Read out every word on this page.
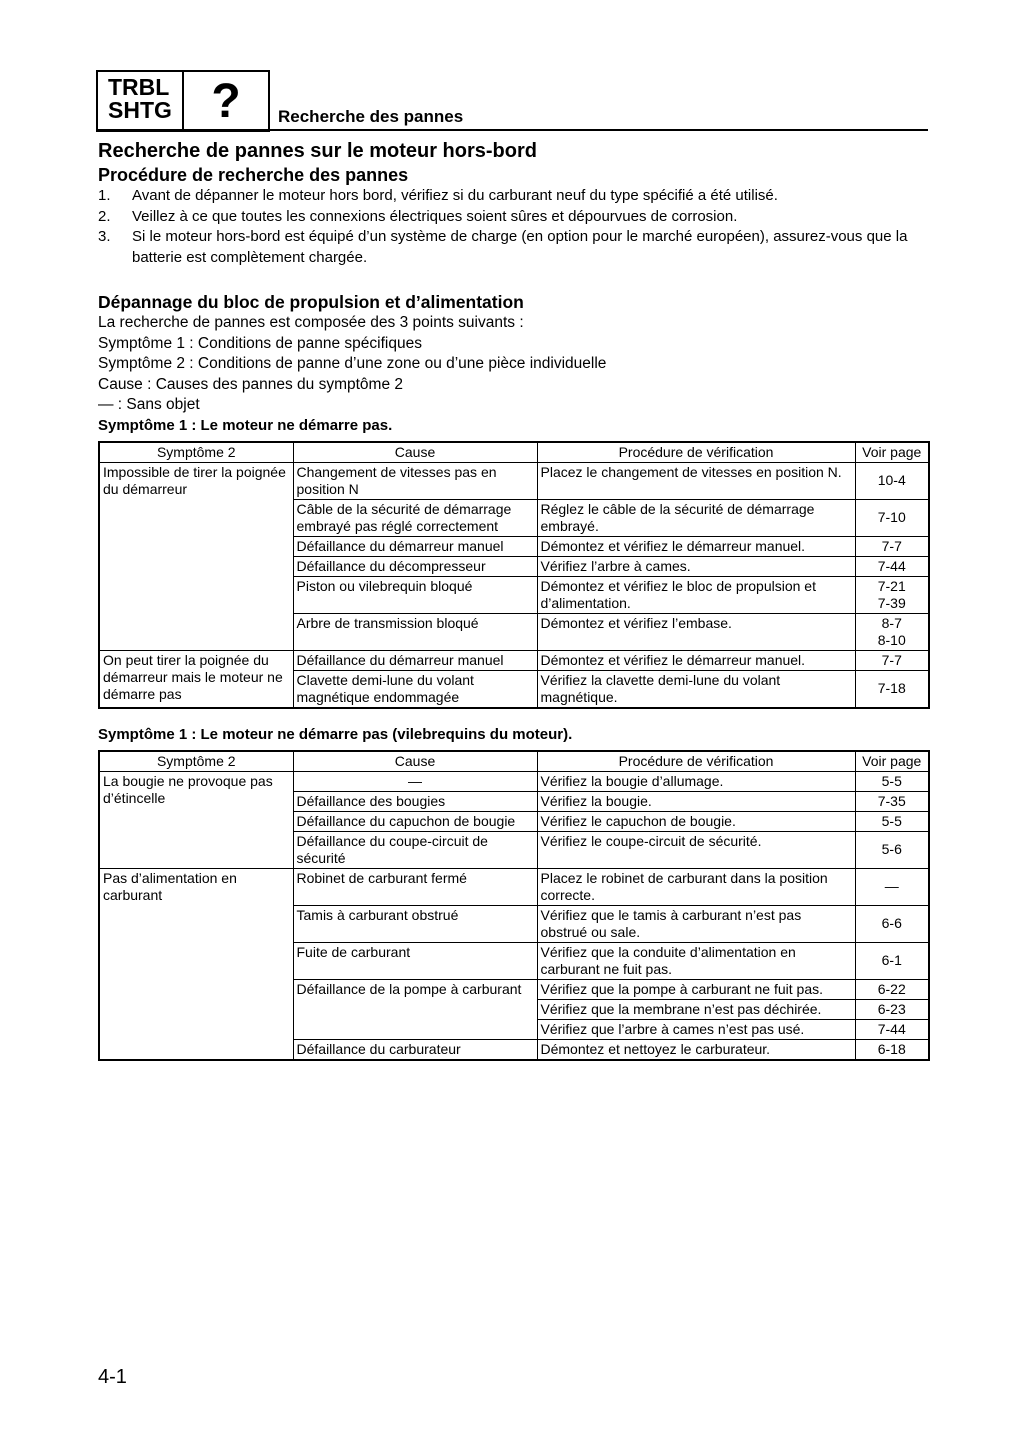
TRBL
SHTG ?	Recherche des pannes
Recherche de pannes sur le moteur hors-bord
Procédure de recherche des pannes
1. Avant de dépanner le moteur hors bord, vérifiez si du carburant neuf du type spécifié a été utilisé.
2. Veillez à ce que toutes les connexions électriques soient sûres et dépourvues de corrosion.
3. Si le moteur hors-bord est équipé d’un système de charge (en option pour le marché européen), assurez-vous que la batterie est complètement chargée.
Dépannage du bloc de propulsion et d’alimentation

La recherche de pannes est composée des 3 points suivants :

Symptôme 1 : Conditions de panne spécifiques

Symptôme 2 : Conditions de panne d’une zone ou d’une pièce individuelle

Cause : Causes des pannes du symptôme 2

— : Sans objet

Symptôme 1 : Le moteur ne démarre pas.
Symptôme 2	Cause	Procédure de vérification	Voir page
Impossible de tirer la poignée du démarreur	Changement de vitesses pas en position N	Placez le changement de vitesses en position N.	10-4
	Câble de la sécurité de démarrage embrayé pas réglé correctement	Réglez le câble de la sécurité de démarrage embrayé.	7-10
	Défaillance du démarreur manuel	Démontez et vérifiez le démarreur manuel.	7-7
	Défaillance du décompresseur	Vérifiez l’arbre à cames.	7-44
	Piston ou vilebrequin bloqué	Démontez et vérifiez le bloc de propulsion et d’alimentation.	7-21
7-39
	Arbre de transmission bloqué	Démontez et vérifiez l’embase.	8-7
8-10
On peut tirer la poignée du démarreur mais le moteur ne démarre pas	Défaillance du démarreur manuel	Démontez et vérifiez le démarreur manuel.	7-7
	Clavette demi-lune du volant magnétique endommagée	Vérifiez la clavette demi-lune du volant magnétique.	7-18
Symptôme 1 : Le moteur ne démarre pas (vilebrequins du moteur).
Symptôme 2	Cause	Procédure de vérification	Voir page
La bougie ne provoque pas d’étincelle	—	Vérifiez la bougie d’allumage.	5-5
	Défaillance des bougies	Vérifiez la bougie.	7-35
	Défaillance du capuchon de bougie	Vérifiez le capuchon de bougie.	5-5
	Défaillance du coupe-circuit de sécurité	Vérifiez le coupe-circuit de sécurité.	5-6
Pas d’alimentation en carburant	Robinet de carburant fermé	Placez le robinet de carburant dans la position correcte.	—
	Tamis à carburant obstrué	Vérifiez que le tamis à carburant n’est pas obstrué ou sale.	6-6
	Fuite de carburant	Vérifiez que la conduite d’alimentation en carburant ne fuit pas.	6-1
	Défaillance de la pompe à carburant	Vérifiez que la pompe à carburant ne fuit pas.	6-22
		Vérifiez que la membrane n’est pas déchirée.	6-23
		Vérifiez que l’arbre à cames n’est pas usé.	7-44
	Défaillance du carburateur	Démontez et nettoyez le carburateur.	6-18
4-1
